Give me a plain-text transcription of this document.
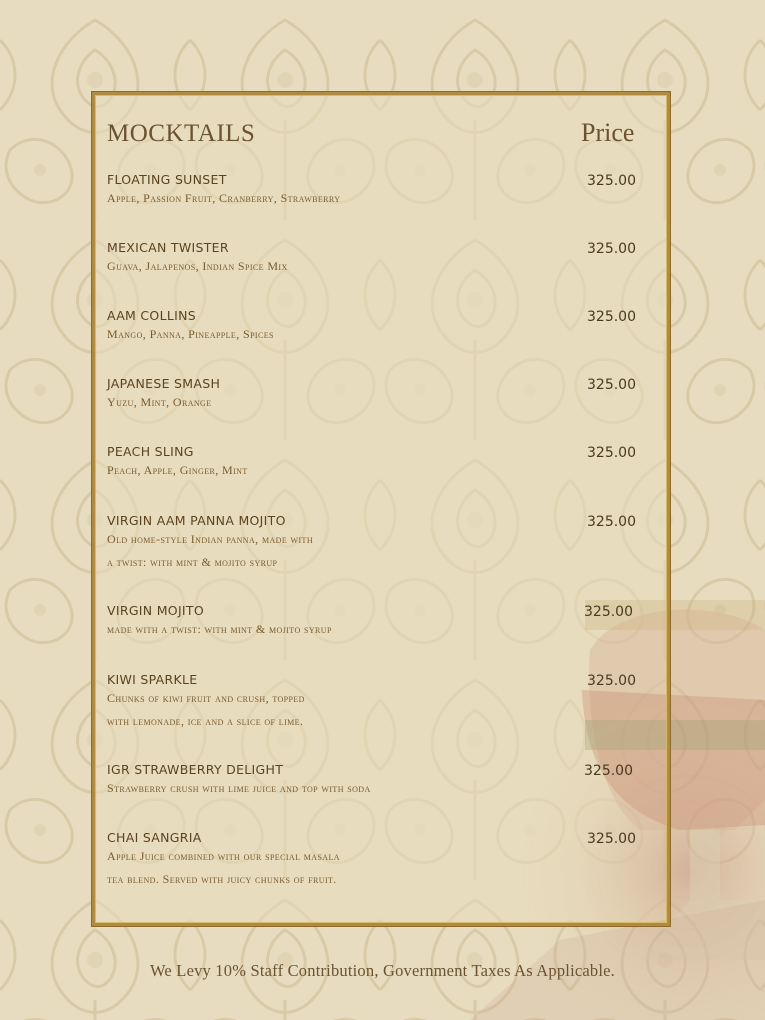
MOCKTAILS	Price
FLOATING SUNSET	325.00
Apple, Passion Fruit, Cranberry, Strawberry
MEXICAN TWISTER	325.00
Guava, Jalapenos, Indian Spice Mix
AAM COLLINS	325.00
Mango, Panna, Pineapple, Spices
JAPANESE SMASH	325.00
Yuzu, Mint, Orange
PEACH SLING	325.00
Peach, Apple, Ginger, Mint
VIRGIN AAM PANNA MOJITO	325.00
Old home-style Indian panna, made with
a twist: with mint & mojito syrup
VIRGIN MOJITO	325.00
made with a twist: with mint & mojito syrup
KIWI SPARKLE	325.00
Chunks of kiwi fruit and crush, topped
with lemonade, ice and a slice of lime.
IGR STRAWBERRY DELIGHT	325.00
Strawberry crush with lime juice and top with soda
CHAI SANGRIA	325.00
Apple Juice combined with our special masala
tea blend. Served with juicy chunks of fruit.
We Levy 10% Staff Contribution, Government Taxes As Applicable.
